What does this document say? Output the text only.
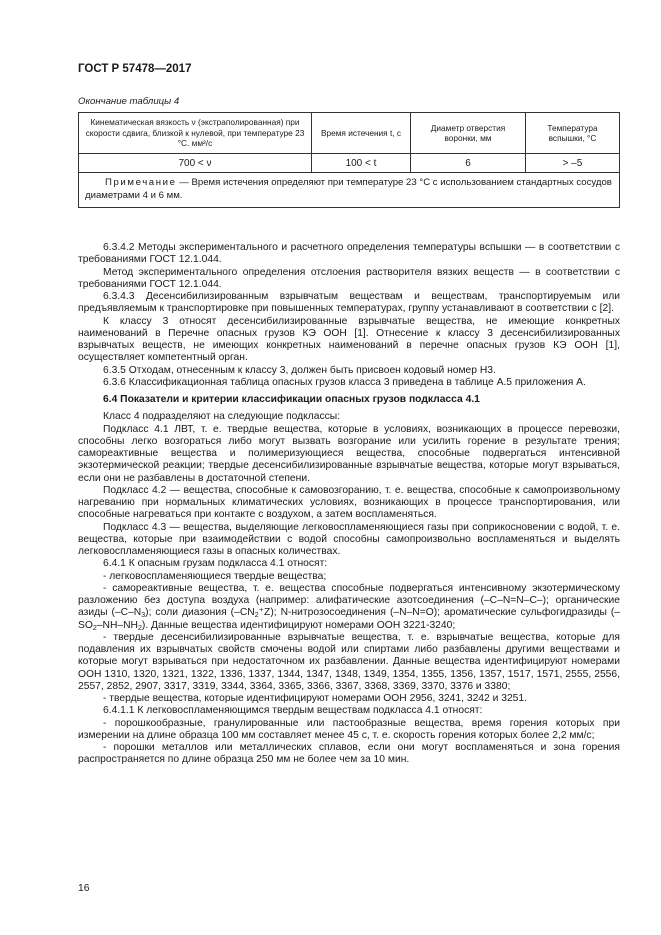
ГОСТ Р 57478—2017
Окончание таблицы 4
Кинематическая вязкость ν (экстраполированная) при скорости сдвига, близкой к нулевой, при температуре 23 °С. мм²/с	Время истечения t, с	Диаметр отверстия воронки, мм	Температура вспышки, °С
700 < ν	100 < t	6	> –5
Примечание — Время истечения определяют при температуре 23 °С с использованием стандартных сосудов диаметрами 4 и 6 мм.			

6.3.4.2 Методы экспериментального и расчетного определения температуры вспышки — в соответствии с требованиями ГОСТ 12.1.044.

Метод экспериментального определения отслоения растворителя вязких веществ — в соответствии с требованиями ГОСТ 12.1.044.

6.3.4.3 Десенсибилизированным взрывчатым веществам и веществам, транспортируемым или предъявляемым к транспортировке при повышенных температурах, группу устанавливают в соответствии с [2].

К классу 3 относят десенсибилизированные взрывчатые вещества, не имеющие конкретных наименований в Перечне опасных грузов КЭ ООН [1]. Отнесение к классу 3 десенсибилизированных взрывчатых веществ, не имеющих конкретных наименований в перечне опасных грузов КЭ ООН [1], осуществляет компетентный орган.

6.3.5 Отходам, отнесенным к классу 3, должен быть присвоен кодовый номер Н3.

6.3.6 Классификационная таблица опасных грузов класса 3 приведена в таблице А.5 приложения А.

6.4 Показатели и критерии классификации опасных грузов подкласса 4.1

Класс 4 подразделяют на следующие подклассы:

Подкласс 4.1 ЛВТ, т. е. твердые вещества, которые в условиях, возникающих в процессе перевозки, способны легко возгораться либо могут вызвать возгорание или усилить горение в результате трения; самореактивные вещества и полимеризующиеся вещества, способные подвергаться интенсивной экзотермической реакции; твердые десенсибилизированные взрывчатые вещества, которые могут взрываться, если они не разбавлены в достаточной степени.

Подкласс 4.2 — вещества, способные к самовозгоранию, т. е. вещества, способные к самопроизвольному нагреванию при нормальных климатических условиях, возникающих в процессе транспортирования, или способные нагреваться при контакте с воздухом, а затем воспламеняться.

Подкласс 4.3 — вещества, выделяющие легковоспламеняющиеся газы при соприкосновении с водой, т. е. вещества, которые при взаимодействии с водой способны самопроизвольно воспламеняться и выделять легковоспламеняющиеся газы в опасных количествах.

6.4.1 К опасным грузам подкласса 4.1 относят:

- легковоспламеняющиеся твердые вещества;

- самореактивные вещества, т. е. вещества способные подвергаться интенсивному экзотермическому разложению без доступа воздуха (например: алифатические азотсоединения (–С–N=N–С–); органические азиды $(-С-N_3)$; соли диазония $(-CN_2^+Z)$; N-нитрозосоединения (–N–N=O); ароматические сульфогидразиды $(-SO_2-NH-NH_2)$. Данные вещества идентифицируют номерами ООН 3221-3240;

- твердые десенсибилизированные взрывчатые вещества, т. е. взрывчатые вещества, которые для подавления их взрывчатых свойств смочены водой или спиртами либо разбавлены другими веществами и которые могут взрываться при недостаточном их разбавлении. Данные вещества идентифицируют номерами ООН 1310, 1320, 1321, 1322, 1336, 1337, 1344, 1347, 1348, 1349, 1354, 1355, 1356, 1357, 1517, 1571, 2555, 2556, 2557, 2852, 2907, 3317, 3319, 3344, 3364, 3365, 3366, 3367, 3368, 3369, 3370, 3376 и 3380;

- твердые вещества, которые идентифицируют номерами ООН 2956, 3241, 3242 и 3251.

6.4.1.1 К легковоспламеняющимся твердым веществам подкласса 4.1 относят:

- порошкообразные, гранулированные или пастообразные вещества, время горения которых при измерении на длине образца 100 мм составляет менее 45 с, т. е. скорость горения которых более 2,2 мм/с;

- порошки металлов или металлических сплавов, если они могут воспламеняться и зона горения распространяется по длине образца 250 мм не более чем за 10 мин.

16
